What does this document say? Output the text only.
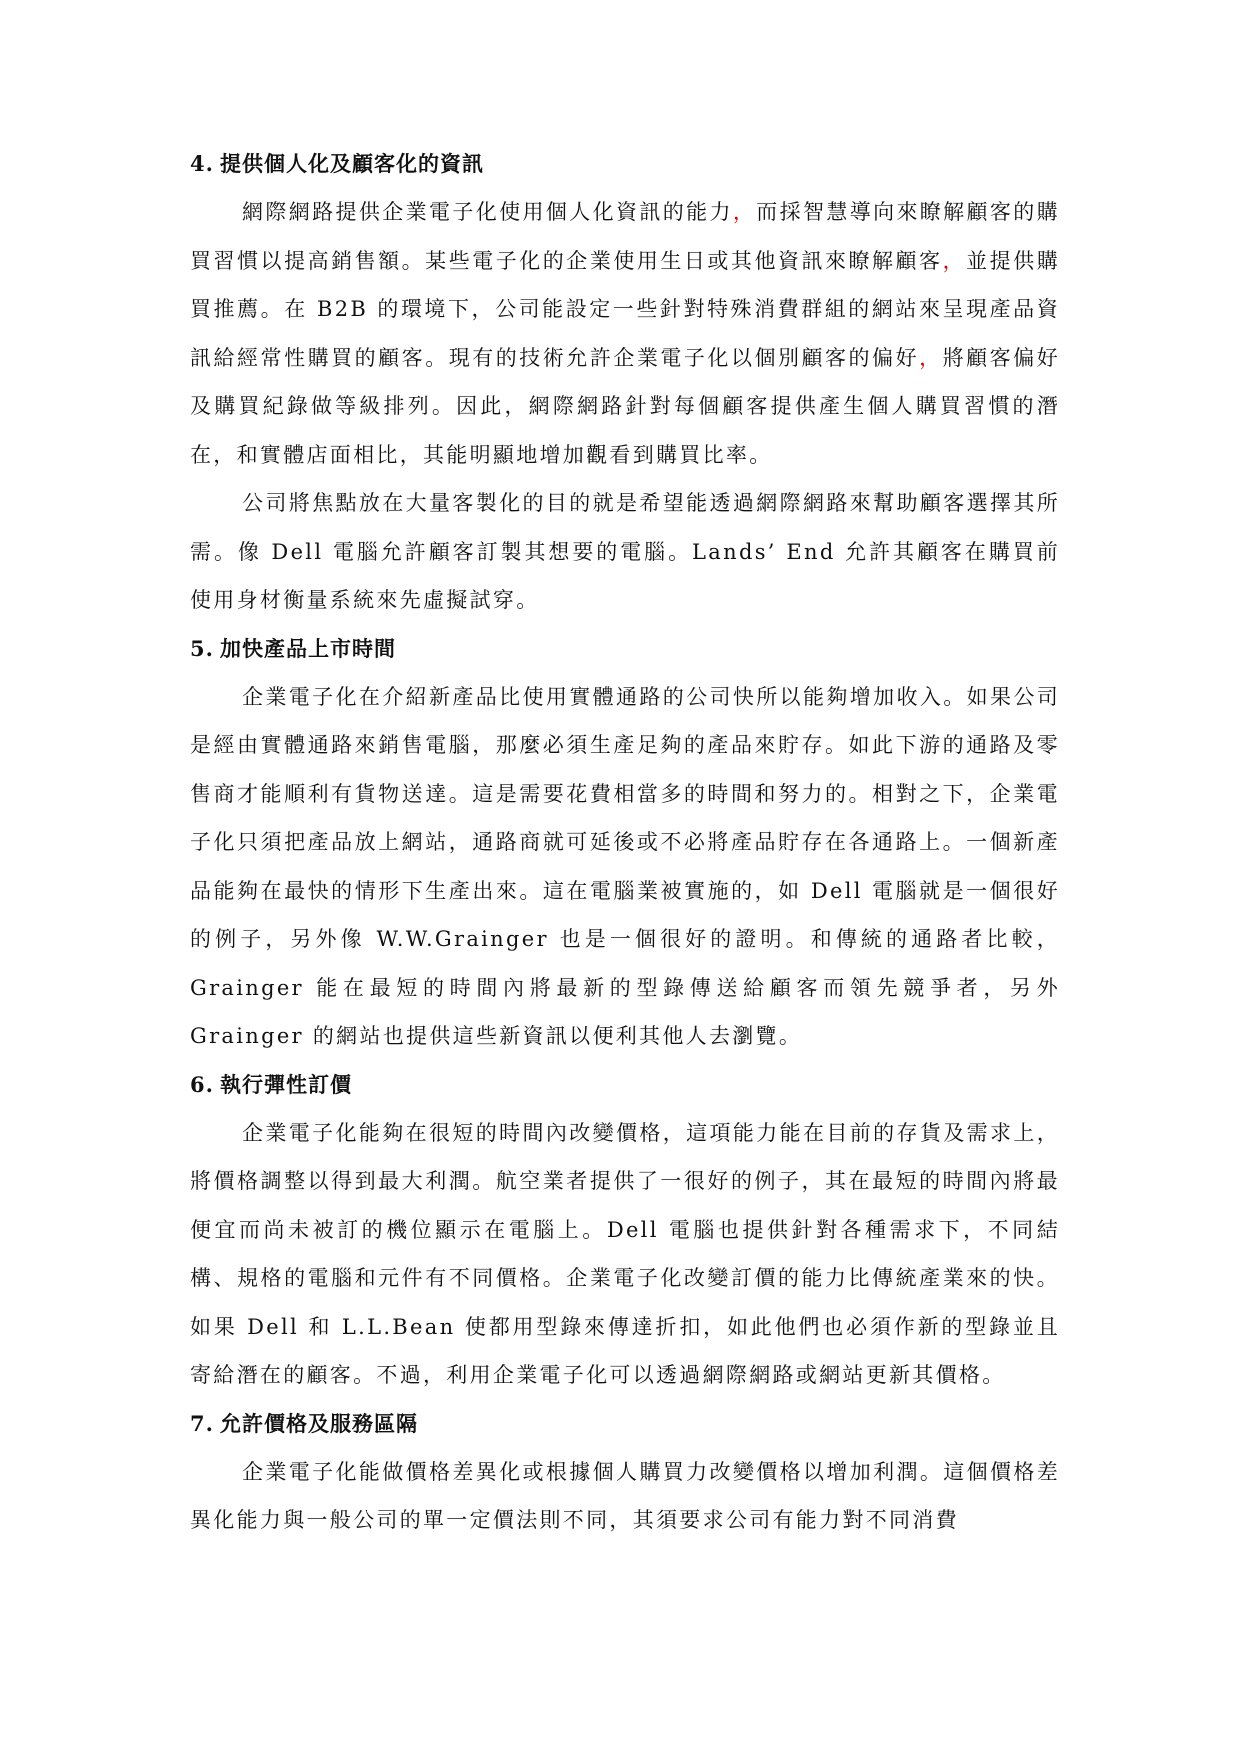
4. 提供個人化及顧客化的資訊

網際網路提供企業電子化使用個人化資訊的能力，而採智慧導向來瞭解顧客的購買習慣以提高銷售額。某些電子化的企業使用生日或其他資訊來瞭解顧客，並提供購買推薦。在 B2B 的環境下，公司能設定一些針對特殊消費群組的網站來呈現產品資訊給經常性購買的顧客。現有的技術允許企業電子化以個別顧客的偏好，將顧客偏好及購買紀錄做等級排列。因此，網際網路針對每個顧客提供產生個人購買習慣的潛在，和實體店面相比，其能明顯地增加觀看到購買比率。

公司將焦點放在大量客製化的目的就是希望能透過網際網路來幫助顧客選擇其所需。像 Dell 電腦允許顧客訂製其想要的電腦。Lands’ End 允許其顧客在購買前使用身材衡量系統來先虛擬試穿。

5. 加快產品上市時間

企業電子化在介紹新產品比使用實體通路的公司快所以能夠增加收入。如果公司是經由實體通路來銷售電腦，那麼必須生產足夠的產品來貯存。如此下游的通路及零售商才能順利有貨物送達。這是需要花費相當多的時間和努力的。相對之下，企業電子化只須把產品放上網站，通路商就可延後或不必將產品貯存在各通路上。一個新產品能夠在最快的情形下生產出來。這在電腦業被實施的，如 Dell 電腦就是一個很好的例子，另外像 W.W.Grainger 也是一個很好的證明。和傳統的通路者比較，Grainger 能在最短的時間內將最新的型錄傳送給顧客而領先競爭者，另外 Grainger 的網站也提供這些新資訊以便利其他人去瀏覽。

6. 執行彈性訂價

企業電子化能夠在很短的時間內改變價格，這項能力能在目前的存貨及需求上，將價格調整以得到最大利潤。航空業者提供了一很好的例子，其在最短的時間內將最便宜而尚未被訂的機位顯示在電腦上。Dell 電腦也提供針對各種需求下，不同結構、規格的電腦和元件有不同價格。企業電子化改變訂價的能力比傳統產業來的快。如果 Dell 和 L.L.Bean 使都用型錄來傳達折扣，如此他們也必須作新的型錄並且寄給潛在的顧客。不過，利用企業電子化可以透過網際網路或網站更新其價格。

7. 允許價格及服務區隔

企業電子化能做價格差異化或根據個人購買力改變價格以增加利潤。這個價格差異化能力與一般公司的單一定價法則不同，其須要求公司有能力對不同消費
